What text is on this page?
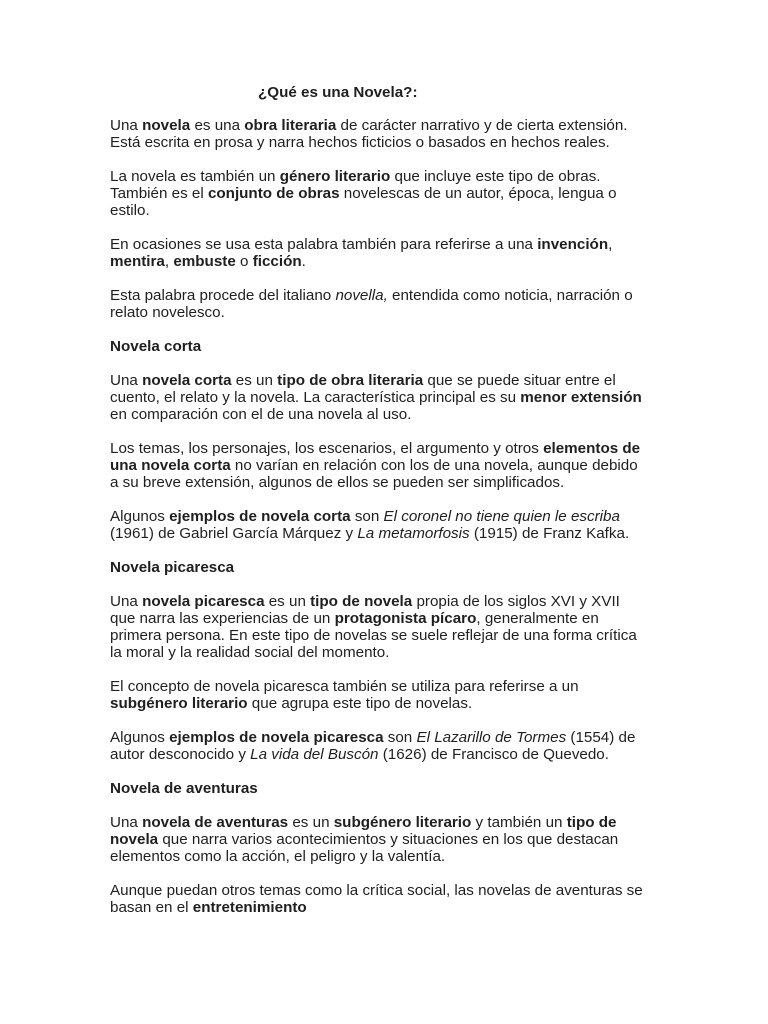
¿Qué es una Novela?:
Una novela es una obra literaria de carácter narrativo y de cierta extensión.
Está escrita en prosa y narra hechos ficticios o basados en hechos reales.
La novela es también un género literario que incluye este tipo de obras.
También es el conjunto de obras novelescas de un autor, época, lengua o
estilo.
En ocasiones se usa esta palabra también para referirse a una invención,
mentira, embuste o ficción.
Esta palabra procede del italiano novella, entendida como noticia, narración o
relato novelesco.
Novela corta
Una novela corta es un tipo de obra literaria que se puede situar entre el
cuento, el relato y la novela. La característica principal es su menor extensión
en comparación con el de una novela al uso.
Los temas, los personajes, los escenarios, el argumento y otros elementos de
una novela corta no varían en relación con los de una novela, aunque debido
a su breve extensión, algunos de ellos se pueden ser simplificados.
Algunos ejemplos de novela corta son El coronel no tiene quien le escriba
(1961) de Gabriel García Márquez y La metamorfosis (1915) de Franz Kafka.
Novela picaresca
Una novela picaresca es un tipo de novela propia de los siglos XVI y XVII
que narra las experiencias de un protagonista pícaro, generalmente en
primera persona. En este tipo de novelas se suele reflejar de una forma crítica
la moral y la realidad social del momento.
El concepto de novela picaresca también se utiliza para referirse a un
subgénero literario que agrupa este tipo de novelas.
Algunos ejemplos de novela picaresca son El Lazarillo de Tormes (1554) de
autor desconocido y La vida del Buscón (1626) de Francisco de Quevedo.
Novela de aventuras
Una novela de aventuras es un subgénero literario y también un tipo de
novela que narra varios acontecimientos y situaciones en los que destacan
elementos como la acción, el peligro y la valentía.
Aunque puedan otros temas como la crítica social, las novelas de aventuras se
basan en el entretenimiento
